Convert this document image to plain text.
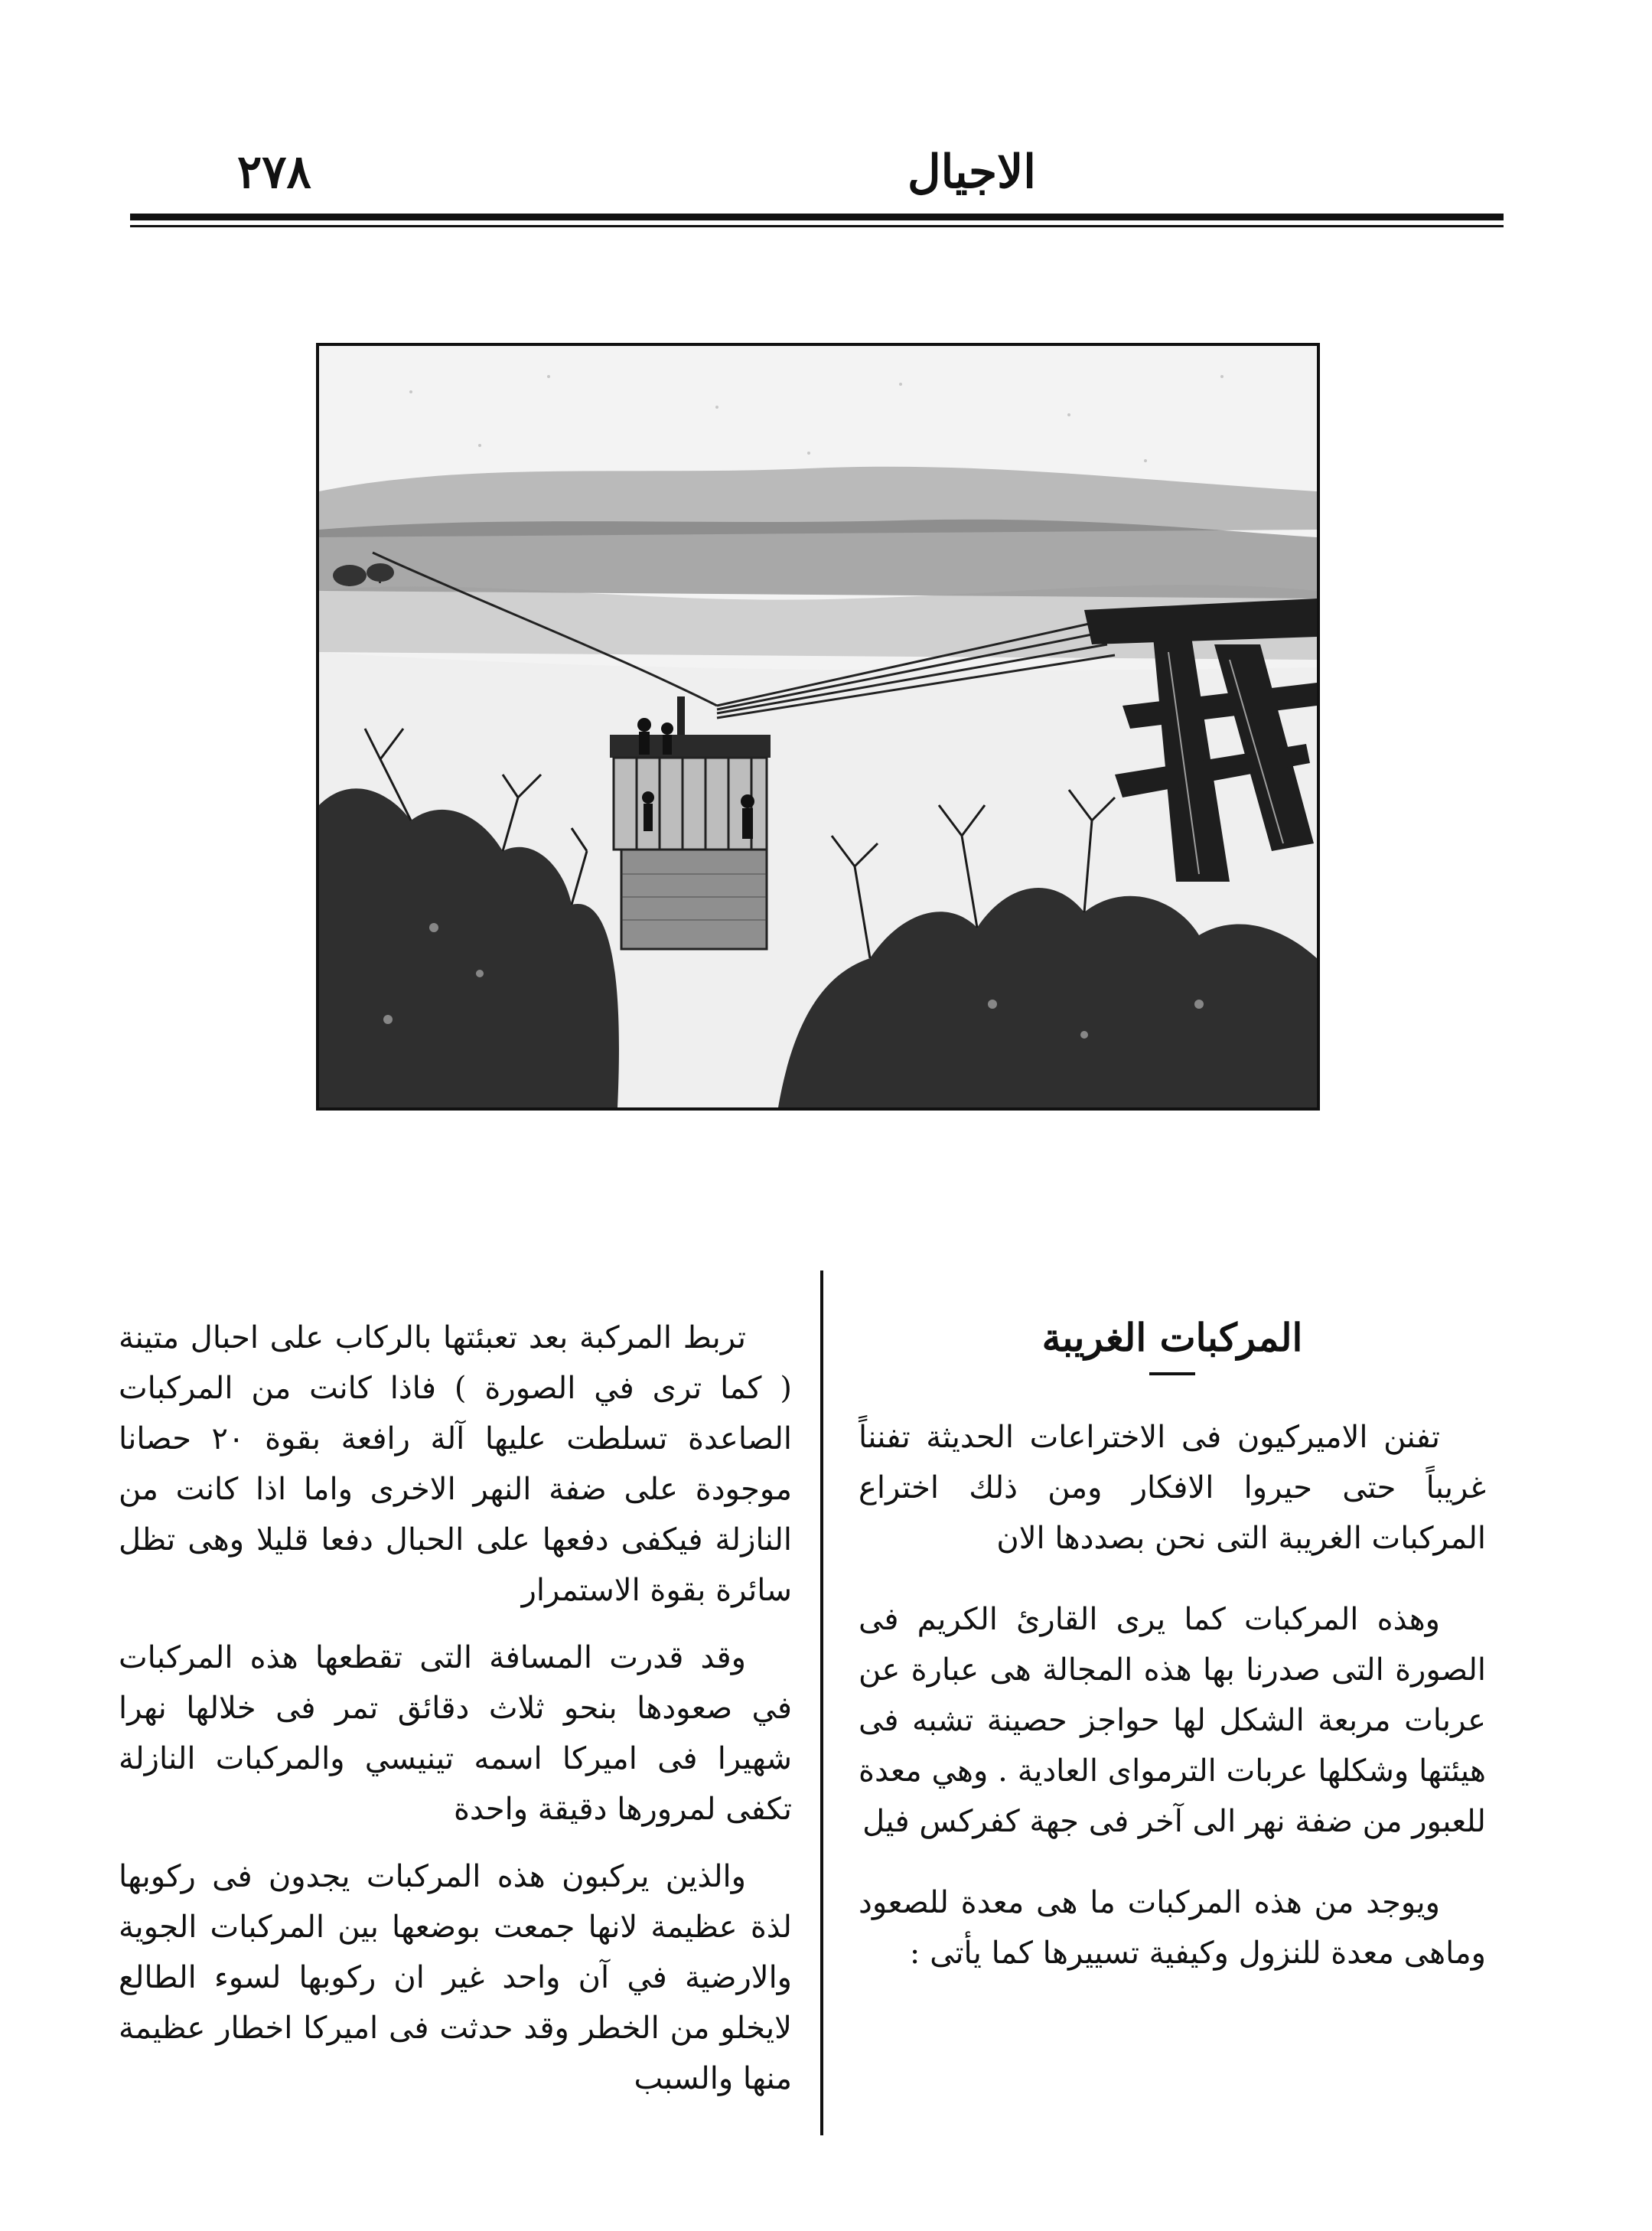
٢٧٨	الاجيال
المركبات الغريبة

تفنن الاميركيون فى الاختراعات الحديثة تفنناً غريباً حتى حيروا الافكار ومن ذلك اختراع المركبات الغريبة التى نحن بصددها الان

وهذه المركبات كما يرى القارئ الكريم فى الصورة التى صدرنا بها هذه المجالة هى عبارة عن عربات مربعة الشكل لها حواجز حصينة تشبه فى هيئتها وشكلها عربات الترمواى العادية . وهي معدة للعبور من ضفة نهر الى آخر فى جهة كفركس فيل

ويوجد من هذه المركبات ما هى معدة للصعود وماهى معدة للنزول وكيفية تسييرها كما يأتى :

تربط المركبة بعد تعبئتها بالركاب على احبال متينة ( كما ترى في الصورة ) فاذا كانت من المركبات الصاعدة تسلطت عليها آلة رافعة بقوة ٢٠ حصانا موجودة على ضفة النهر الاخرى واما اذا كانت من النازلة فيكفى دفعها على الحبال دفعا قليلا وهى تظل سائرة بقوة الاستمرار

وقد قدرت المسافة التى تقطعها هذه المركبات في صعودها بنحو ثلاث دقائق تمر فى خلالها نهرا شهيرا فى اميركا اسمه تينيسي والمركبات النازلة تكفى لمرورها دقيقة واحدة

والذين يركبون هذه المركبات يجدون فى ركوبها لذة عظيمة لانها جمعت بوضعها بين المركبات الجوية والارضية في آن واحد غير ان ركوبها لسوء الطالع لايخلو من الخطر وقد حدثت فى اميركا اخطار عظيمة منها والسبب
